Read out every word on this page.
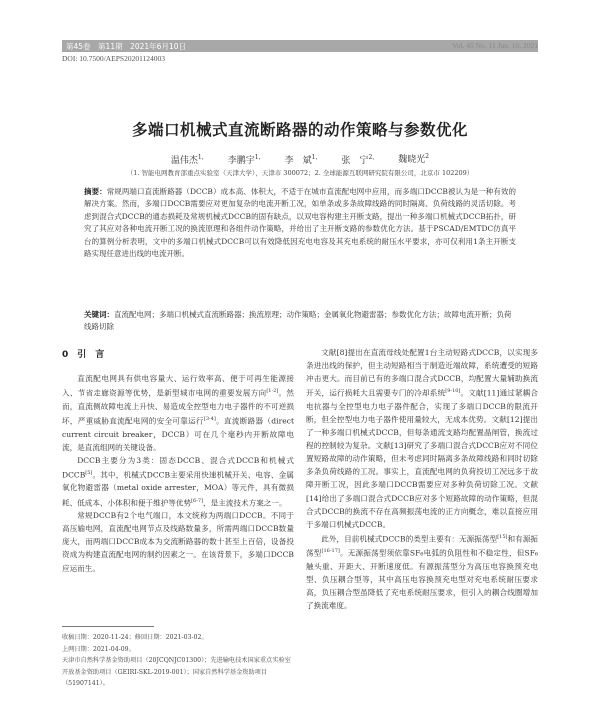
第45卷　第11期　2021年6月10日	Vol. 45 No. 11 Jun. 10, 2021
DOI: 10.7500/AEPS20201124003
多端口机械式直流断路器的动作策略与参数优化
温伟杰$^{1,}$ 李鹏宇$^{1,}$ 李　斌$^{1,}$ 张　宁$^{2,}$ 魏晓光$^2$
（1. 智能电网教育部重点实验室（天津大学），天津市 300072；2. 全球能源互联网研究院有限公司，北京市 102209）
摘要：常规两端口直流断路器（DCCB）成本高、体积大，不适于在城市直流配电网中应用，而多端口DCCB被认为是一种有效的解决方案。然而，多端口DCCB需要应对更加复杂的电流开断工况，如单条或多条故障线路的同时隔离、负荷线路的灵活切除。考虑到混合式DCCB的通态损耗及常规机械式DCCB的固有缺点，以双电容构建主开断支路，提出一种多端口机械式DCCB拓扑，研究了其应对各种电流开断工况的换流原理和各组件动作策略，并给出了主开断支路的参数优化方法。基于PSCAD/EMTDC仿真平台的算例分析表明，文中的多端口机械式DCCB可以有效降低因充电电容及其充电系统的耐压水平要求，亦可仅利用1条主开断支路实现任意进出线的电流开断。
关键词：直流配电网；多端口机械式直流断路器；换流原理；动作策略；金属氧化物避雷器；参数优化方法；故障电流开断；负荷线路切除
0　 引　言

直流配电网具有供电容量大、运行效率高、便于可再生能源接入、节省走廊资源等优势，是新型城市电网的重要发展方向[1-2]。然而，直流侧故障电流上升快、易造成全控型电力电子器件的不可逆损坏，严重威胁直流配电网的安全可靠运行[3-4]。直流断路器（direct current circuit breaker，DCCB）可在几个毫秒内开断故障电流，是直流组网的关键设备。

DCCB主要分为3类：固态DCCB、混合式DCCB和机械式DCCB[5]。其中，机械式DCCB主要采用快速机械开关、电容、金属氧化物避雷器（metal oxide arrester，MOA）等元件，具有微损耗、低成本、小体积和便于维护等优势[6-7]，是主流技术方案之一。

常规DCCB有2个电气端口，本文统称为两端口DCCB。不同于高压输电网，直流配电网节点及线路数量多，所需两端口DCCB数量庞大，而两端口DCCB成本为交流断路器的数十甚至上百倍，设备投资成为构建直流配电网的制约因素之一。在该背景下，多端口DCCB应运而生。

文献[8]提出在直流母线处配置1台主动短路式DCCB，以实现多条进出线的保护，但主动短路相当于制造近端故障，系统遭受的短路冲击更大。而目前已有的多端口混合式DCCB，均配置大量辅助换流开关，运行损耗大且需要专门的冷却系统[9-10]。文献[11]通过紧耦合电抗器与全控型电力电子器件配合，实现了多端口DCCB的限流开断，但全控型电力电子器件使用量较大，无成本优势。文献[12]提出了一种多端口机械式DCCB，但每条通流支路均配置晶闸管，换流过程的控制较为复杂。文献[13]研究了多端口混合式DCCB应对不同位置短路故障的动作策略，但未考虑同时隔离多条故障线路和同时切除多条负荷线路的工况。事实上，直流配电网的负荷投切工况远多于故障开断工况，因此多端口DCCB需要应对多种负荷切除工况。文献[14]给出了多端口混合式DCCB应对多个短路故障的动作策略，但混合式DCCB的换流不存在高频振荡电流的正方向概念，难以直接应用于多端口机械式DCCB。

此外，目前机械式DCCB的类型主要有：无源振荡型[15]和有源振荡型[16-17]。无源振荡型须依靠SF₆电弧的负阻性和不稳定性，但SF₆触头重、开距大、开断速度低。有源振荡型分为高压电容换预充电型、负压耦合型等，其中高压电容换预充电型对充电系统耐压要求高，负压耦合型虽降低了充电系统耐压要求，但引入的耦合线圈增加了换流难度。

收稿日期：2020-11-24；修回日期：2021-03-02。
上网日期：2021-04-09。
天津市自然科学基金资助项目（20JCQNJC01300）；先进输电技术国家重点实验室开放基金资助项目（GEIRI-SKL-2019-001）；国家自然科学基金资助项目（51907141）。
